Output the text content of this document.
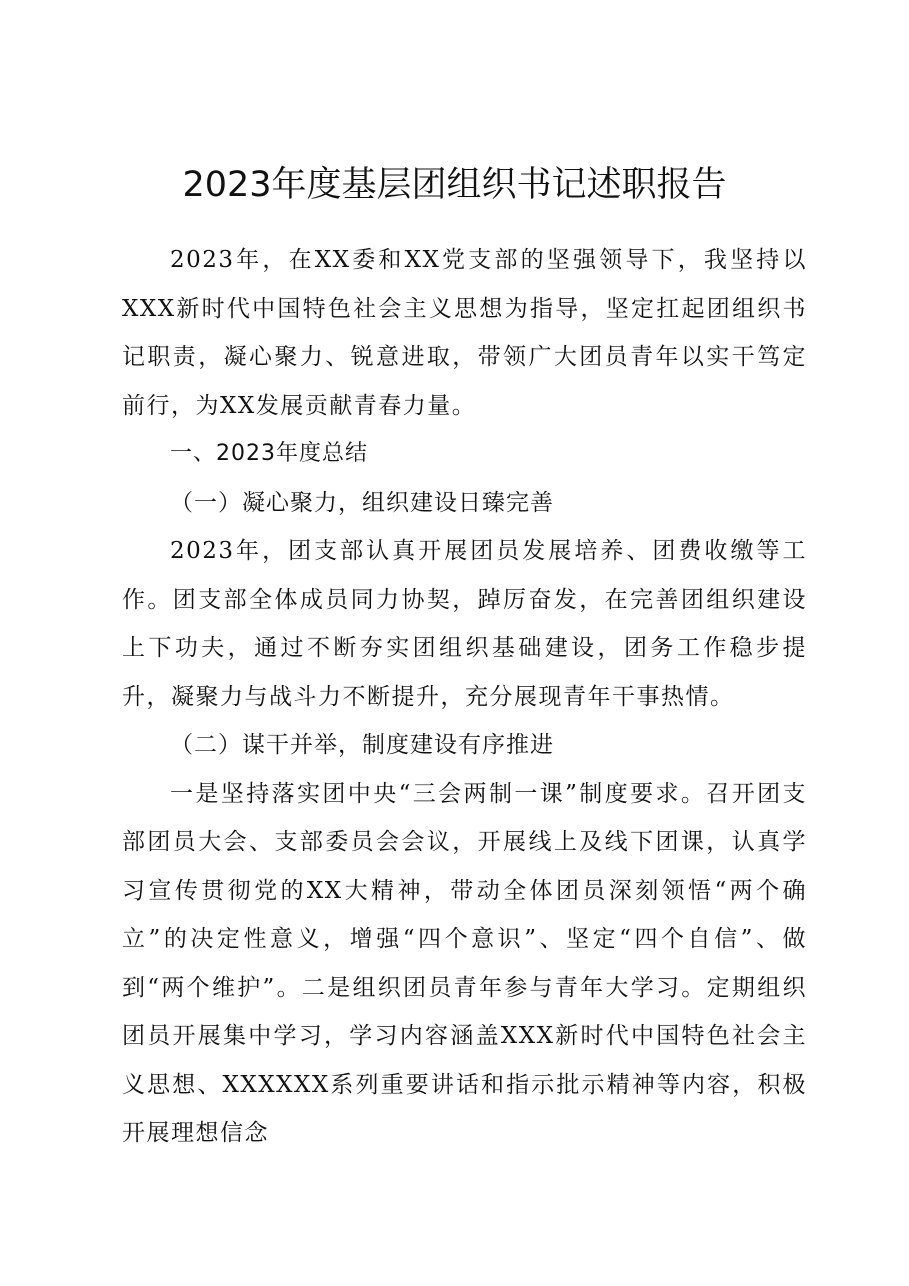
2023年度基层团组织书记述职报告

2023年，在XX委和XX党支部的坚强领导下，我坚持以XXX新时代中国特色社会主义思想为指导，坚定扛起团组织书记职责，凝心聚力、锐意进取，带领广大团员青年以实干笃定前行，为XX发展贡献青春力量。

一、2023年度总结

（一）凝心聚力，组织建设日臻完善

2023年，团支部认真开展团员发展培养、团费收缴等工作。团支部全体成员同力协契，踔厉奋发，在完善团组织建设上下功夫，通过不断夯实团组织基础建设，团务工作稳步提升，凝聚力与战斗力不断提升，充分展现青年干事热情。

（二）谋干并举，制度建设有序推进

一是坚持落实团中央“三会两制一课”制度要求。召开团支部团员大会、支部委员会会议，开展线上及线下团课，认真学习宣传贯彻党的XX大精神，带动全体团员深刻领悟“两个确立”的决定性意义，增强“四个意识”、坚定“四个自信”、做到“两个维护”。二是组织团员青年参与青年大学习。定期组织团员开展集中学习，学习内容涵盖XXX新时代中国特色社会主义思想、XXXXXX系列重要讲话和指示批示精神等内容，积极开展理想信念
